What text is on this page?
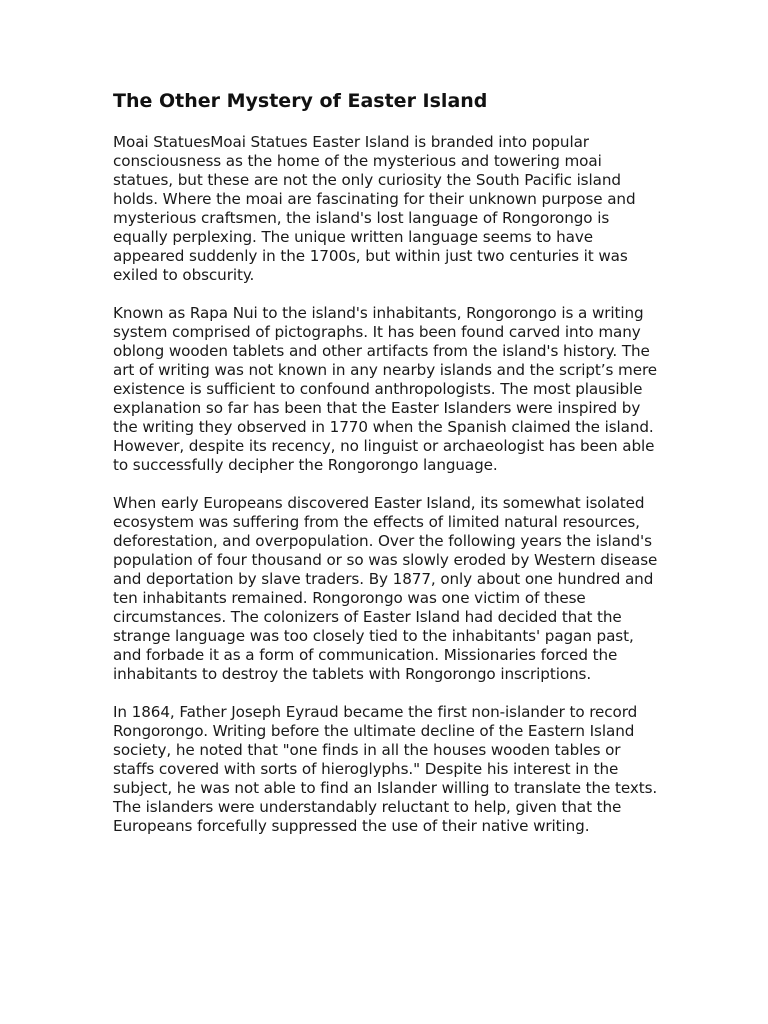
The Other Mystery of Easter Island

Moai StatuesMoai Statues Easter Island is branded into popular consciousness as the home of the mysterious and towering moai statues, but these are not the only curiosity the South Pacific island holds. Where the moai are fascinating for their unknown purpose and mysterious craftsmen, the island's lost language of Rongorongo is equally perplexing. The unique written language seems to have appeared suddenly in the 1700s, but within just two centuries it was exiled to obscurity.

Known as Rapa Nui to the island's inhabitants, Rongorongo is a writing system comprised of pictographs. It has been found carved into many oblong wooden tablets and other artifacts from the island's history. The art of writing was not known in any nearby islands and the script’s mere existence is sufficient to confound anthropologists. The most plausible explanation so far has been that the Easter Islanders were inspired by the writing they observed in 1770 when the Spanish claimed the island. However, despite its recency, no linguist or archaeologist has been able to successfully decipher the Rongorongo language.

When early Europeans discovered Easter Island, its somewhat isolated ecosystem was suffering from the effects of limited natural resources, deforestation, and overpopulation. Over the following years the island's population of four thousand or so was slowly eroded by Western disease and deportation by slave traders. By 1877, only about one hundred and ten inhabitants remained. Rongorongo was one victim of these circumstances. The colonizers of Easter Island had decided that the strange language was too closely tied to the inhabitants' pagan past, and forbade it as a form of communication. Missionaries forced the inhabitants to destroy the tablets with Rongorongo inscriptions.

In 1864, Father Joseph Eyraud became the first non-islander to record Rongorongo. Writing before the ultimate decline of the Eastern Island society, he noted that "one finds in all the houses wooden tables or staffs covered with sorts of hieroglyphs." Despite his interest in the subject, he was not able to find an Islander willing to translate the texts. The islanders were understandably reluctant to help, given that the Europeans forcefully suppressed the use of their native writing.
